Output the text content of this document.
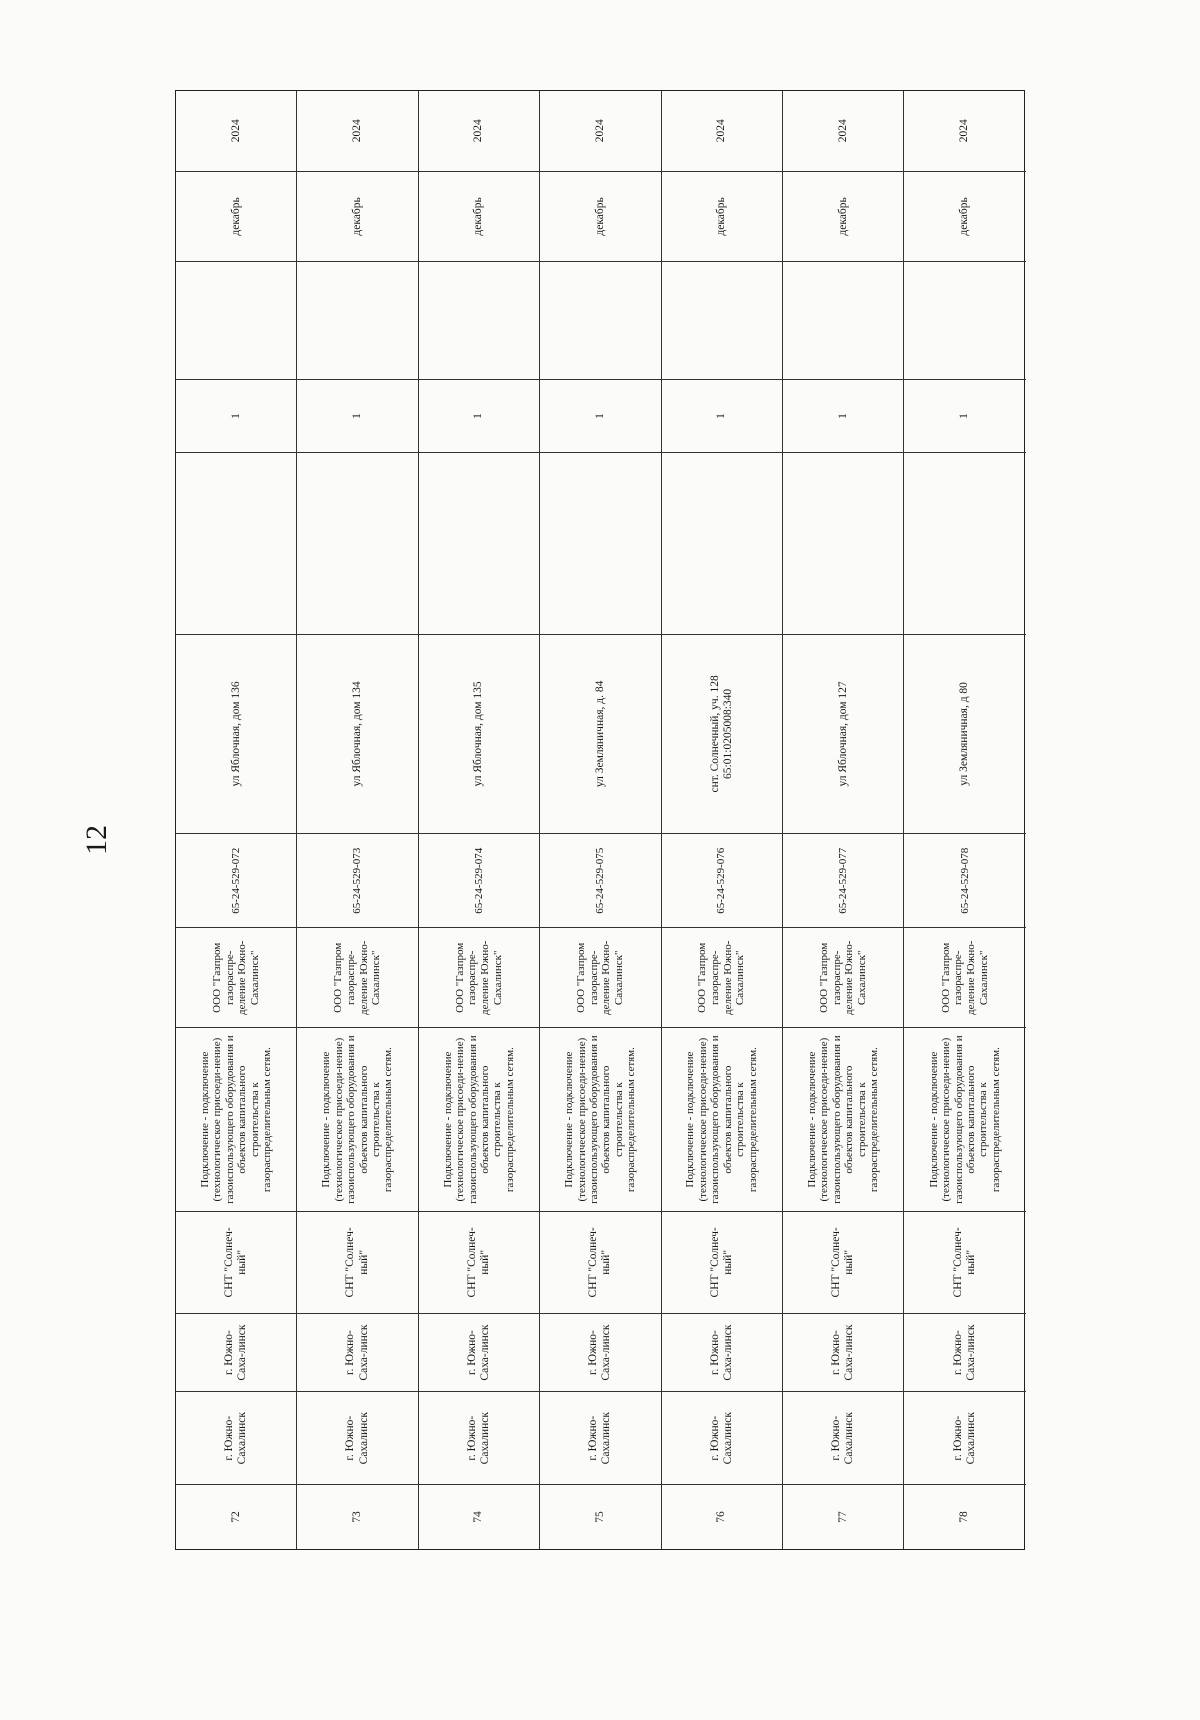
12
72
г. Южно-Сахалинск
г. Южно-Саха-линск
СНТ "Солнеч-ный"
Подключение - подключение (технологическое присоеди-нение) газоиспользующего оборудования и объектов капитального строительства к газораспределительным сетям.
ООО "Газпром газораспре-деление Южно-Сахалинск"
65-24-529-072
ул Яблочная, дом 136
1
декабрь
2024
73
г. Южно-Сахалинск
г. Южно-Саха-линск
СНТ "Солнеч-ный"
Подключение - подключение (технологическое присоеди-нение) газоиспользующего оборудования и объектов капитального строительства к газораспределительным сетям.
ООО "Газпром газораспре-деление Южно-Сахалинск"
65-24-529-073
ул Яблочная, дом 134
1
декабрь
2024
74
г. Южно-Сахалинск
г. Южно-Саха-линск
СНТ "Солнеч-ный"
Подключение - подключение (технологическое присоеди-нение) газоиспользующего оборудования и объектов капитального строительства к газораспределительным сетям.
ООО "Газпром газораспре-деление Южно-Сахалинск"
65-24-529-074
ул Яблочная, дом 135
1
декабрь
2024
75
г. Южно-Сахалинск
г. Южно-Саха-линск
СНТ "Солнеч-ный"
Подключение - подключение (технологическое присоеди-нение) газоиспользующего оборудования и объектов капитального строительства к газораспределительным сетям.
ООО "Газпром газораспре-деление Южно-Сахалинск"
65-24-529-075
ул Земляничная, д. 84
1
декабрь
2024
76
г. Южно-Сахалинск
г. Южно-Саха-линск
СНТ "Солнеч-ный"
Подключение - подключение (технологическое присоеди-нение) газоиспользующего оборудования и объектов капитального строительства к газораспределительным сетям.
ООО "Газпром газораспре-деление Южно-Сахалинск"
65-24-529-076
снт. Солнечный, уч. 128 65:01:0205008:340
1
декабрь
2024
77
г. Южно-Сахалинск
г. Южно-Саха-линск
СНТ "Солнеч-ный"
Подключение - подключение (технологическое присоеди-нение) газоиспользующего оборудования и объектов капитального строительства к газораспределительным сетям.
ООО "Газпром газораспре-деление Южно-Сахалинск"
65-24-529-077
ул Яблочная, дом 127
1
декабрь
2024
78
г. Южно-Сахалинск
г. Южно-Саха-линск
СНТ "Солнеч-ный"
Подключение - подключение (технологическое присоеди-нение) газоиспользующего оборудования и объектов капитального строительства к газораспределительным сетям.
ООО "Газпром газораспре-деление Южно-Сахалинск"
65-24-529-078
ул Земляничная, д 80
1
декабрь
2024
